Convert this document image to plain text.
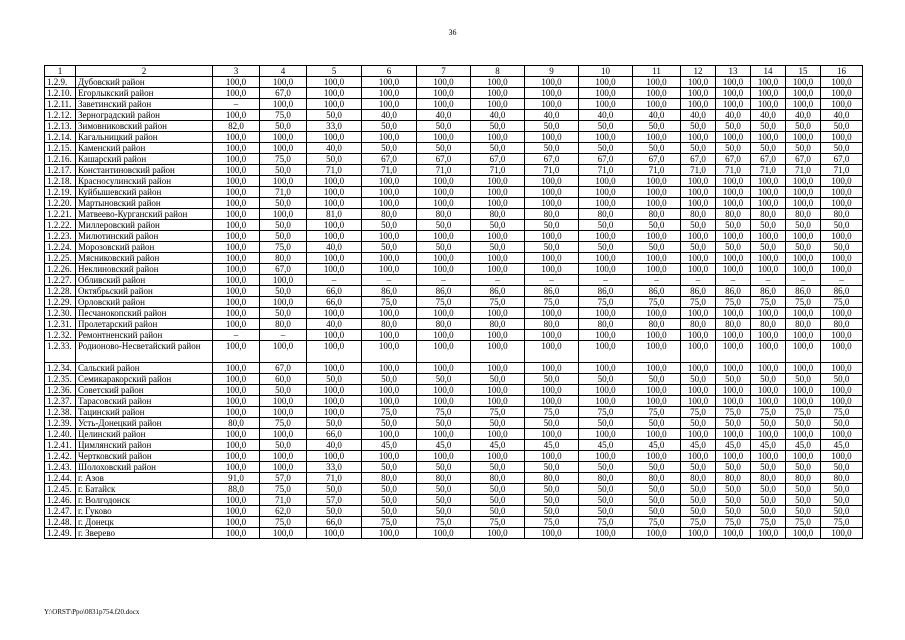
36
1	2	3	4	5	6	7	8	9	10	11	12	13	14	15	16
1.2.9.	Дубовский район	100,0	100,0	100,0	100,0	100,0	100,0	100,0	100,0	100,0	100,0	100,0	100,0	100,0	100,0
1.2.10.	Егорлыкский район	100,0	67,0	100,0	100,0	100,0	100,0	100,0	100,0	100,0	100,0	100,0	100,0	100,0	100,0
1.2.11.	Заветинский район	–	100,0	100,0	100,0	100,0	100,0	100,0	100,0	100,0	100,0	100,0	100,0	100,0	100,0
1.2.12.	Зерноградский район	100,0	75,0	50,0	40,0	40,0	40,0	40,0	40,0	40,0	40,0	40,0	40,0	40,0	40,0
1.2.13.	Зимовниковский район	82,0	50,0	33,0	50,0	50,0	50,0	50,0	50,0	50,0	50,0	50,0	50,0	50,0	50,0
1.2.14.	Кагальницкий район	100,0	100,0	100,0	100,0	100,0	100,0	100,0	100,0	100,0	100,0	100,0	100,0	100,0	100,0
1.2.15.	Каменский район	100,0	100,0	40,0	50,0	50,0	50,0	50,0	50,0	50,0	50,0	50,0	50,0	50,0	50,0
1.2.16.	Кашарский район	100,0	75,0	50,0	67,0	67,0	67,0	67,0	67,0	67,0	67,0	67,0	67,0	67,0	67,0
1.2.17.	Константиновский район	100,0	50,0	71,0	71,0	71,0	71,0	71,0	71,0	71,0	71,0	71,0	71,0	71,0	71,0
1.2.18.	Красносулинский район	100,0	100,0	100,0	100,0	100,0	100,0	100,0	100,0	100,0	100,0	100,0	100,0	100,0	100,0
1.2.19.	Куйбышевский район	100,0	71,0	100,0	100,0	100,0	100,0	100,0	100,0	100,0	100,0	100,0	100,0	100,0	100,0
1.2.20.	Мартыновский район	100,0	50,0	100,0	100,0	100,0	100,0	100,0	100,0	100,0	100,0	100,0	100,0	100,0	100,0
1.2.21.	Матвеево-Курганский район	100,0	100,0	81,0	80,0	80,0	80,0	80,0	80,0	80,0	80,0	80,0	80,0	80,0	80,0
1.2.22.	Миллеровский район	100,0	50,0	100,0	50,0	50,0	50,0	50,0	50,0	50,0	50,0	50,0	50,0	50,0	50,0
1.2.23.	Милютинский район	100,0	50,0	100,0	100,0	100,0	100,0	100,0	100,0	100,0	100,0	100,0	100,0	100,0	100,0
1.2.24.	Морозовский район	100,0	75,0	40,0	50,0	50,0	50,0	50,0	50,0	50,0	50,0	50,0	50,0	50,0	50,0
1.2.25.	Мясниковский район	100,0	80,0	100,0	100,0	100,0	100,0	100,0	100,0	100,0	100,0	100,0	100,0	100,0	100,0
1.2.26.	Неклиновский район	100,0	67,0	100,0	100,0	100,0	100,0	100,0	100,0	100,0	100,0	100,0	100,0	100,0	100,0
1.2.27.	Обливский район	100,0	100,0	–	–	–	–	–	–	–	–	–	–	–	–
1.2.28.	Октябрьский район	100,0	50,0	66,0	86,0	86,0	86,0	86,0	86,0	86,0	86,0	86,0	86,0	86,0	86,0
1.2.29.	Орловский район	100,0	100,0	66,0	75,0	75,0	75,0	75,0	75,0	75,0	75,0	75,0	75,0	75,0	75,0
1.2.30.	Песчанокопский район	100,0	50,0	100,0	100,0	100,0	100,0	100,0	100,0	100,0	100,0	100,0	100,0	100,0	100,0
1.2.31.	Пролетарский район	100,0	80,0	40,0	80,0	80,0	80,0	80,0	80,0	80,0	80,0	80,0	80,0	80,0	80,0
1.2.32.	Ремонтненский район	–	–	100,0	100,0	100,0	100,0	100,0	100,0	100,0	100,0	100,0	100,0	100,0	100,0
1.2.33.	Родионово-Несветайский район	100,0	100,0	100,0	100,0	100,0	100,0	100,0	100,0	100,0	100,0	100,0	100,0	100,0	100,0
1.2.34.	Сальский район	100,0	67,0	100,0	100,0	100,0	100,0	100,0	100,0	100,0	100,0	100,0	100,0	100,0	100,0
1.2.35.	Семикаракорский район	100,0	60,0	50,0	50,0	50,0	50,0	50,0	50,0	50,0	50,0	50,0	50,0	50,0	50,0
1.2.36.	Советский район	100,0	50,0	100,0	100,0	100,0	100,0	100,0	100,0	100,0	100,0	100,0	100,0	100,0	100,0
1.2.37.	Тарасовский район	100,0	100,0	100,0	100,0	100,0	100,0	100,0	100,0	100,0	100,0	100,0	100,0	100,0	100,0
1.2.38.	Тацинский район	100,0	100,0	100,0	75,0	75,0	75,0	75,0	75,0	75,0	75,0	75,0	75,0	75,0	75,0
1.2.39.	Усть-Донецкий район	80,0	75,0	50,0	50,0	50,0	50,0	50,0	50,0	50,0	50,0	50,0	50,0	50,0	50,0
1.2.40.	Целинский район	100,0	100,0	66,0	100,0	100,0	100,0	100,0	100,0	100,0	100,0	100,0	100,0	100,0	100,0
1.2.41.	Цимлянский район	100,0	50,0	40,0	45,0	45,0	45,0	45,0	45,0	45,0	45,0	45,0	45,0	45,0	45,0
1.2.42.	Чертковский район	100,0	100,0	100,0	100,0	100,0	100,0	100,0	100,0	100,0	100,0	100,0	100,0	100,0	100,0
1.2.43.	Шолоховский район	100,0	100,0	33,0	50,0	50,0	50,0	50,0	50,0	50,0	50,0	50,0	50,0	50,0	50,0
1.2.44.	г. Азов	91,0	57,0	71,0	80,0	80,0	80,0	80,0	80,0	80,0	80,0	80,0	80,0	80,0	80,0
1.2.45.	г. Батайск	88,0	75,0	50,0	50,0	50,0	50,0	50,0	50,0	50,0	50,0	50,0	50,0	50,0	50,0
1.2.46.	г. Волгодонск	100,0	71,0	57,0	50,0	50,0	50,0	50,0	50,0	50,0	50,0	50,0	50,0	50,0	50,0
1.2.47.	г. Гуково	100,0	62,0	50,0	50,0	50,0	50,0	50,0	50,0	50,0	50,0	50,0	50,0	50,0	50,0
1.2.48.	г. Донецк	100,0	75,0	66,0	75,0	75,0	75,0	75,0	75,0	75,0	75,0	75,0	75,0	75,0	75,0
1.2.49.	г. Зверево	100,0	100,0	100,0	100,0	100,0	100,0	100,0	100,0	100,0	100,0	100,0	100,0	100,0	100,0
Y:\ORST\Ppo\0831p754.f20.docx
